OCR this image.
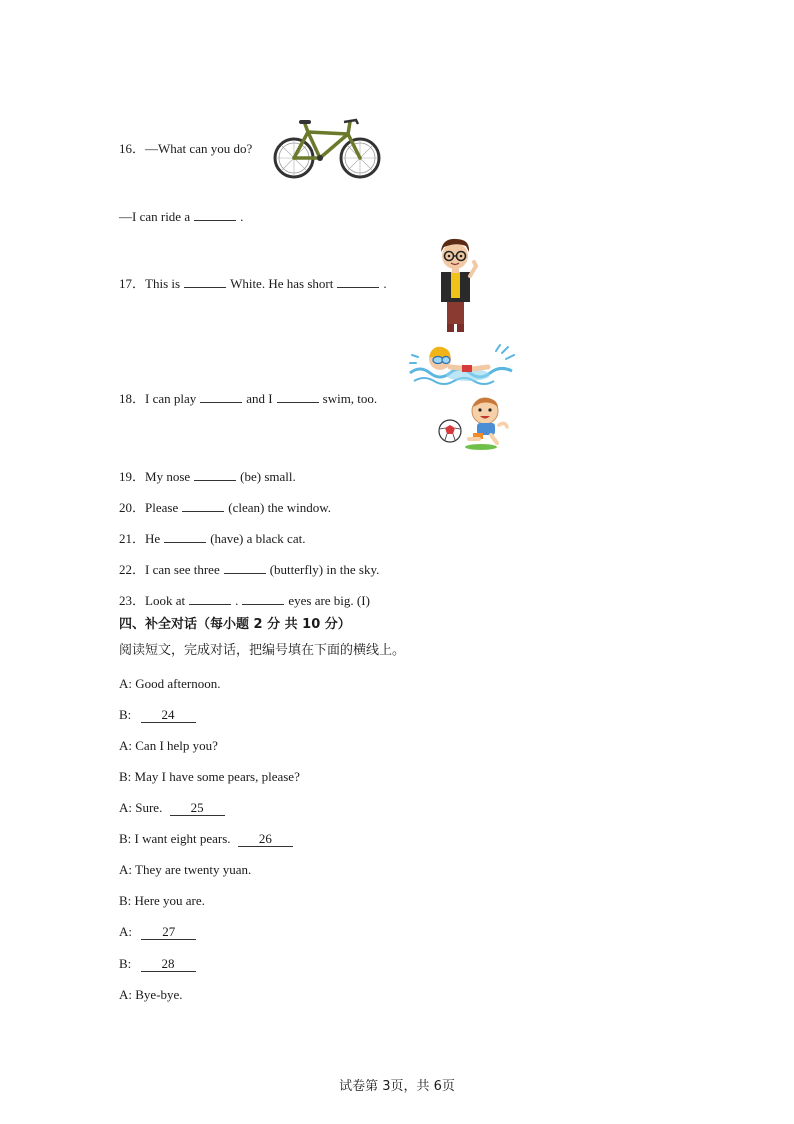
16．—What can you do?
—I can ride a	.
17．This is	White. He has short	.
18．I can play	and I	swim, too.
19．My nose	(be) small.
20．Please	(clean) the window.
21．He	(have) a black cat.
22．I can see three	(butterfly) in the sky.
23．Look at	.	eyes are big. (I)
四、补全对话（每小题 2 分 共 10 分）
阅读短文，完成对话，把编号填在下面的横线上。
A: Good afternoon.
B: 24
A: Can I help you?
B: May I have some pears, please?
A: Sure. 25
B: I want eight pears. 26
A: They are twenty yuan.
B: Here you are.
A: 27
B: 28
A: Bye-bye.
试卷第 3页，共 6页
